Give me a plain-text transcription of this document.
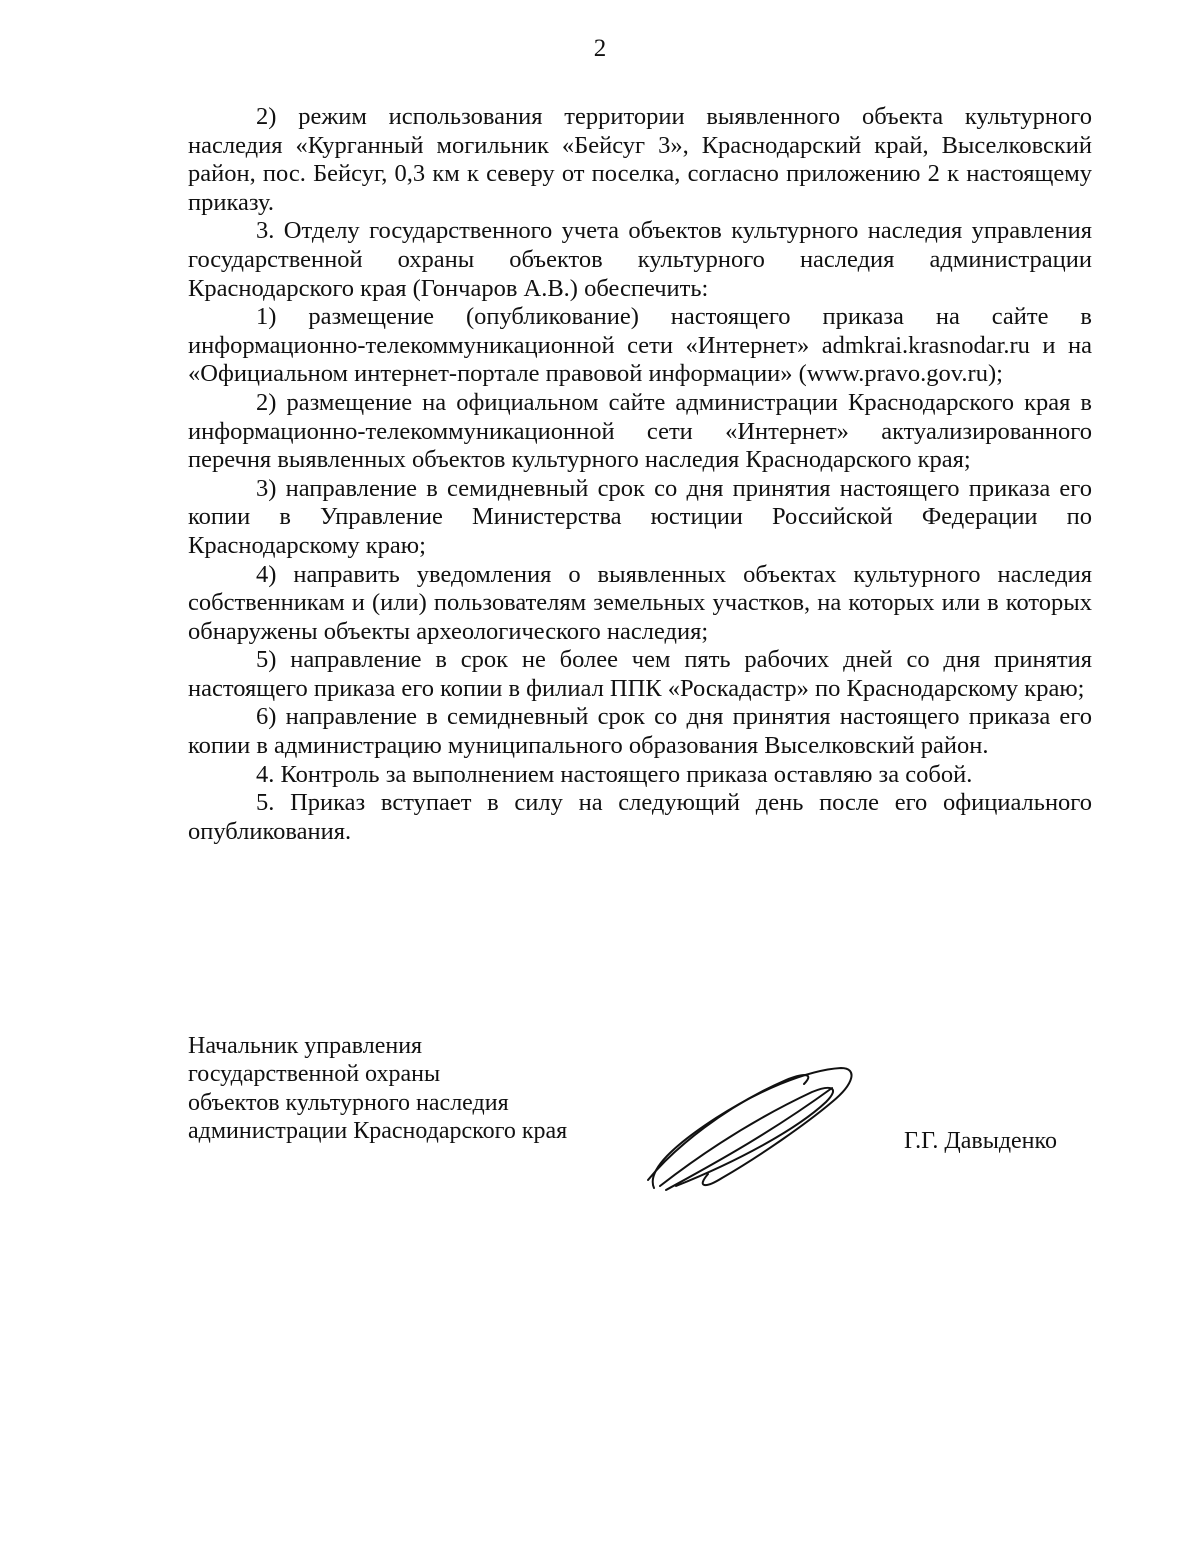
2

2) режим использования территории выявленного объекта культурного наследия «Курганный могильник «Бейсуг 3», Краснодарский край, Выселковский район, пос. Бейсуг, 0,3 км к северу от поселка, согласно приложению 2 к настоящему приказу.

3. Отделу государственного учета объектов культурного наследия управления государственной охраны объектов культурного наследия администрации Краснодарского края (Гончаров А.В.) обеспечить:

1) размещение (опубликование) настоящего приказа на сайте в информационно-телекоммуникационной сети «Интернет» admkrai.krasnodar.ru и на «Официальном интернет-портале правовой информации» (www.pravo.gov.ru);

2) размещение на официальном сайте администрации Краснодарского края в информационно-телекоммуникационной сети «Интернет» актуализированного перечня выявленных объектов культурного наследия Краснодарского края;

3) направление в семидневный срок со дня принятия настоящего приказа его копии в Управление Министерства юстиции Российской Федерации по Краснодарскому краю;

4) направить уведомления о выявленных объектах культурного наследия собственникам и (или) пользователям земельных участков, на которых или в которых обнаружены объекты археологического наследия;

5) направление в срок не более чем пять рабочих дней со дня принятия настоящего приказа его копии в филиал ППК «Роскадастр» по Краснодарскому краю;

6) направление в семидневный срок со дня принятия настоящего приказа его копии в администрацию муниципального образования Выселковский район.

4. Контроль за выполнением настоящего приказа оставляю за собой.

5. Приказ вступает в силу на следующий день после его официального опубликования.

Начальник управления
государственной охраны
объектов культурного наследия
администрации Краснодарского края	Г.Г. Давыденко
